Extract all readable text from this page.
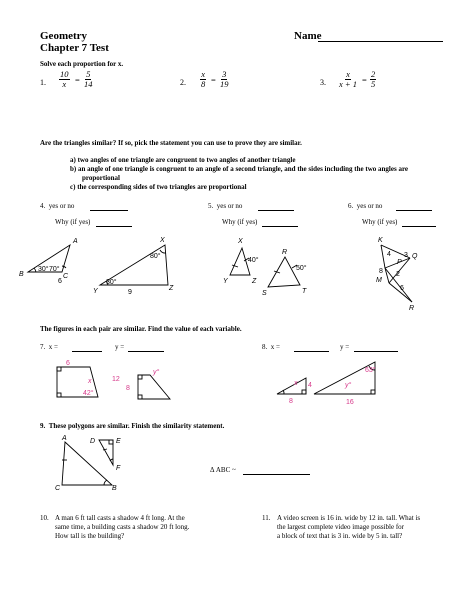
Geometry
Chapter 7 Test
Name
Solve each proportion for x.
1. $\frac{10}{x} = \frac{5}{14}$	2. $\frac{x}{8} = \frac{3}{19}$	3. $\frac{x}{x + 1} = \frac{2}{5}$
Are the triangles similar? If so, pick the statement you can use to prove they are similar.
a) two angles of one triangle are congruent to two angles of another triangle
b) an angle of one triangle is congruent to an angle of a second triangle, and the sides including the two angles are
proportional
c) the corresponding sides of two triangles are proportional
4. yes or no
Why (if yes)
5. yes or no
Why (if yes)
6. yes or no
Why (if yes)
A
B	C
30° 70°
6
X
80°
30°
Y	9
Z
X
40°
Y	Z
R
50°
S	T
K
4
P
3 Q
8 2
M
6
R
6
x	12
42°
y°
8
x 4
8
63°
y°
16
A
C	B
D	E
F
The figures in each pair are similar. Find the value of each variable.
7. x =	y =	8. x =	y =
9. These polygons are similar. Finish the similarity statement.
Δ ABC ~
10. A man 6 ft tall casts a shadow 4 ft long. At the
same time, a building casts a shadow 20 ft long.
How tall is the building?
11. A video screen is 16 in. wide by 12 in. tall. What is
the largest complete video image possible for
a block of text that is 3 in. wide by 5 in. tall?
